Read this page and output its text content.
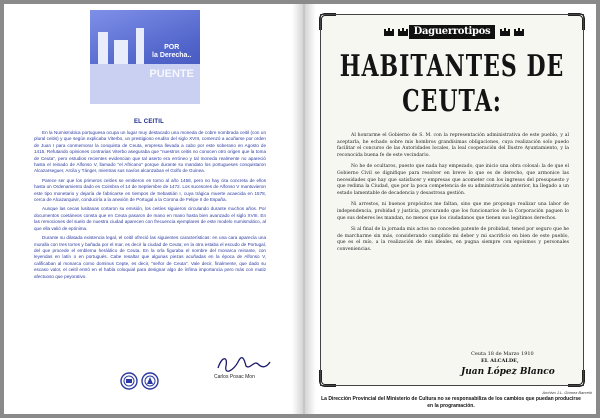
POR
la Derecha..
PUENTE
EL CEITIL

En la Numismática portuguesa ocupa un lugar muy destacado una moneda de cobre nombrada ceitil (con un plural ceitis) y que según explicaba Viterbo, un prestigioso erudito del siglo XVIII, comenzó a acuñarse por orden de Juan I para conmemorar la conquista de Ceuta, empresa llevada a cabo por este soberano en Agosto de 1415. Refutando opiniones contrarias Viterbo aseguraba que "nuestros ceitis no conocen otro origen que la toma de Ceuta", pero estudios recientes evidencian que tal aserto era erróneo y tal moneda realmente no apareció hasta el reinado de Alfonso V, llamado "el Africano" porque durante su mandato los portugueses conquistaron Alcazarseguer, Arcila y Tánger, mientras sus navíos alcanzaban el Golfo de Guinea.

Parece ser que los primeros ceitíes se emitieron en torno al año 1458, pero no hay cita concreta de ellos hasta un Ordenamiento dado en Coimbra el 14 de Septiembre de 1472. Los sucesores de Alfonso V mantuvieron este tipo monetario y dejaría de fabricarse en tiempos de Sebastián I, cuya trágica muerte acaecida en 1578, cerca de Alcazarquivir, conduciría a la anexión de Portugal a la Corona de Felipe II de España.

Aunque las cecas lusitanas cortaron su emisión, los ceitíes siguieron circulando durante muchos años. Por documentos coetáneos consta que en Ceuta pasaron de mano en mano hasta bien avanzado el siglo XVIII. En las remociones del suelo de nuestra ciudad aparecen con frecuencia ejemplares de este modelo numismático, al que ella valió de epónima.

Durante su dilatada existencia legal, el ceitil ofreció las siguientes características: en una cara aparecía una muralla con tres torres y bañada por el mar, es decir la ciudad de Ceuta; en la otra estaba el escudo de Portugal, del que procede el emblema heráldico de Ceuta. En la orla figuraba el nombre del monarca reinante, con leyendas en latín o en portugués. Cabe resaltar que algunas piezas acuñadas en la época de Alfonso V, calificaban al monarca como dominus Cepte, es decir, "señor de Ceuta". Vale decir, finalmente, que dado su escaso valor, el ceitil entró en el habla coloquial para designar algo de ínfima importancia pero más con matiz afectuoso que peyorativo.

Carlos Posac Mon
Daguerrotipos
HABITANTES DE CEUTA:

Al honrarme el Gobierno de S. M. con la representación administrativa de este pueblo, y al aceptarla, he echado sobre mis hombros grandísimas obligaciones, cuya realización solo puedo facilitar el concurso de las Autoridades locales, la leal cooperación del Ilustre Ayuntamiento, y la reconocida buena fe de este vecindario.

No he de ocultaros, puesto que nada hay empezado, que inicio una obra colosal: la de que el Gobierno Civil se dignifique para resolver en breve lo que es de derecho, que armonice las necesidades que hay que satisfacer y empresas que acometer con los ingresos del presupuesto y que redima la Ciudad, que por la poca competencia de su administración anterior, ha llegado a un estado lamentable de decadencia y desastrosa gestión.

Ni arrestos, ni buenos propósitos me faltan, sino que me propongo realizar una labor de independencia, probidad y justicia, procurando que los funcionarios de la Corporación paguen lo que sus deberes les mandan, no menos que los ciudadanos que tienen sus legítimos derechos.

Si al final de la jornada mis actos no conceden patente de probidad, tened por seguro que he de marcharme sin más, considerando cumplido mi deber y mi sacrificio en bien de este pueblo, que es el mío, a la realización de mis ideales, en pugna siempre con egoísmos y personales conveniencias.

Ceuta 18 de Marzo 1910
EL ALCALDE,
Juan López Blanco
Archivo J.L. Gómez Barceló
La Dirección Provincial del Ministerio de Cultura no se responsabiliza de los cambios que puedan producirse en la programación.
